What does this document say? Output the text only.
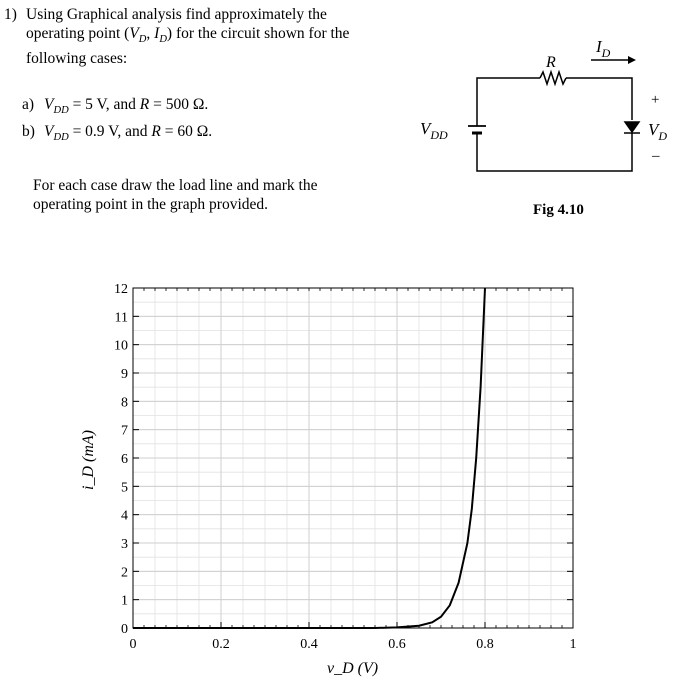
1) Using Graphical analysis find approximately the
operating point ($V_D$, $I_D$) for the circuit shown for the
following cases:
a) $V_{DD} = 5$ V, and R = 500 Ω.
b) $V_{DD} = 0.9$ V, and R = 60 Ω.
For each case draw the load line and mark the
operating point in the graph provided.
R
$I_D$
$V_{DD}$	$V_D$
+
–
Fig 4.10
0	0.2	0.4	0.6	0.8	1
0
1
2
3
4
5
6
7
8
9
10
11
12
v_D (V)
i_D (mA)
